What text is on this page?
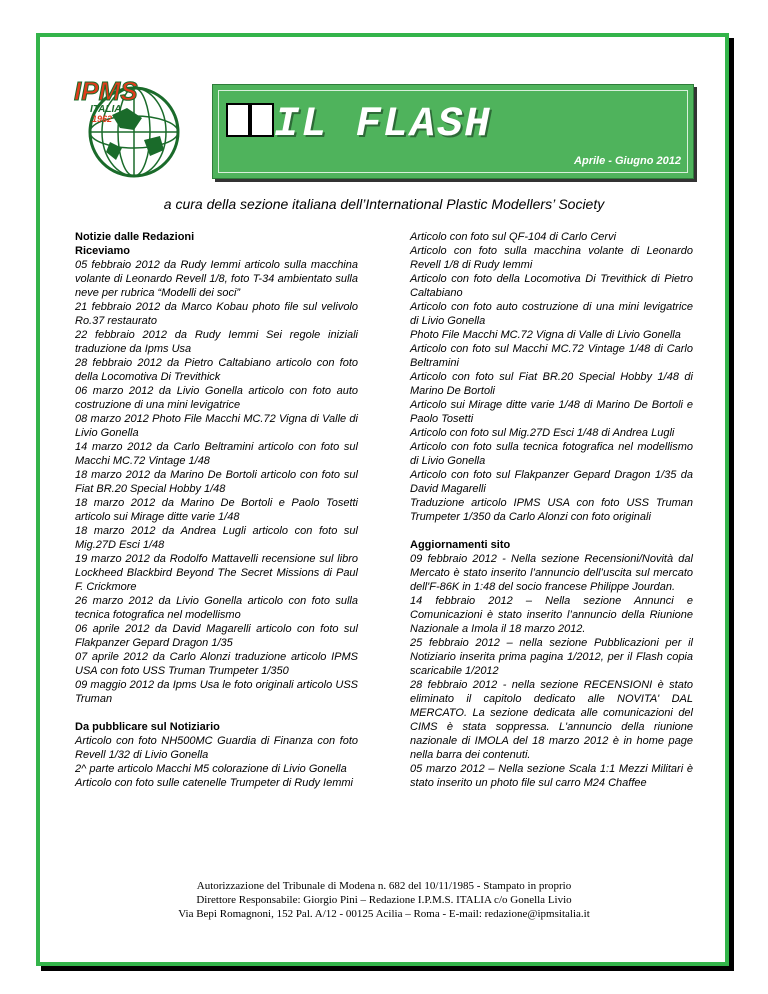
IPMS
ITALIA
1962	IL FLASH
Aprile - Giugno 2012
a cura della sezione italiana dell’International Plastic Modellers’ Society

Notizie dalle Redazioni

Riceviamo

05 febbraio 2012 da Rudy Iemmi articolo sulla macchina volante di Leonardo Revell 1/8, foto T-34 ambientato sulla neve per rubrica “Modelli dei soci”

21 febbraio 2012 da Marco Kobau photo file sul velivolo Ro.37 restaurato

22 febbraio 2012 da Rudy Iemmi Sei regole iniziali traduzione da Ipms Usa

28 febbraio 2012 da Pietro Caltabiano articolo con foto della Locomotiva Di Trevithick

06 marzo 2012 da Livio Gonella articolo con foto auto costruzione di una mini levigatrice

08 marzo 2012 Photo File Macchi MC.72 Vigna di Valle di Livio Gonella

14 marzo 2012 da Carlo Beltramini articolo con foto sul Macchi MC.72 Vintage 1/48

18 marzo 2012 da Marino De Bortoli articolo con foto sul Fiat BR.20 Special Hobby 1/48

18 marzo 2012 da Marino De Bortoli e Paolo Tosetti articolo sui Mirage ditte varie 1/48

18 marzo 2012 da Andrea Lugli articolo con foto sul Mig.27D Esci 1/48

19 marzo 2012 da Rodolfo Mattavelli recensione sul libro Lockheed Blackbird Beyond The Secret Missions di Paul F. Crickmore

26 marzo 2012 da Livio Gonella articolo con foto sulla tecnica fotografica nel modellismo

06 aprile 2012 da David Magarelli articolo con foto sul Flakpanzer Gepard Dragon 1/35

07 aprile 2012 da Carlo Alonzi traduzione articolo IPMS USA con foto USS Truman Trumpeter 1/350

09 maggio 2012 da Ipms Usa le foto originali articolo USS Truman

Da pubblicare sul Notiziario

Articolo con foto NH500MC Guardia di Finanza con foto Revell 1/32 di Livio Gonella

2^ parte articolo Macchi M5 colorazione di Livio Gonella

Articolo con foto sulle catenelle Trumpeter di Rudy Iemmi

Articolo con foto sul QF-104 di Carlo Cervi

Articolo con foto sulla macchina volante di Leonardo Revell 1/8 di Rudy Iemmi

Articolo con foto della Locomotiva Di Trevithick di Pietro Caltabiano

Articolo con foto auto costruzione di una mini levigatrice di Livio Gonella

Photo File Macchi MC.72 Vigna di Valle di Livio Gonella

Articolo con foto sul Macchi MC.72 Vintage 1/48 di Carlo Beltramini

Articolo con foto sul Fiat BR.20 Special Hobby 1/48 di Marino De Bortoli

Articolo sui Mirage ditte varie 1/48 di Marino De Bortoli e Paolo Tosetti

Articolo con foto sul Mig.27D Esci 1/48 di Andrea Lugli

Articolo con foto sulla tecnica fotografica nel modellismo di Livio Gonella

Articolo con foto sul Flakpanzer Gepard Dragon 1/35 da David Magarelli

Traduzione articolo IPMS USA con foto USS Truman Trumpeter 1/350 da Carlo Alonzi con foto originali

Aggiornamenti sito

09 febbraio 2012 - Nella sezione Recensioni/Novità dal Mercato è stato inserito l’annuncio dell’uscita sul mercato dell'F-86K in 1:48 del socio francese Philippe Jourdan.

14 febbraio 2012 – Nella sezione Annunci e Comunicazioni è stato inserito l’annuncio della Riunione Nazionale a Imola il 18 marzo 2012.

25 febbraio 2012 – nella sezione Pubblicazioni per il Notiziario inserita prima pagina 1/2012, per il Flash copia scaricabile 1/2012

28 febbraio 2012 - nella sezione RECENSIONI è stato eliminato il capitolo dedicato alle NOVITA' DAL MERCATO. La sezione dedicata alle comunicazioni del CIMS è stata soppressa. L'annuncio della riunione nazionale di IMOLA del 18 marzo 2012 è in home page nella barra dei contenuti.

05 marzo 2012 – Nella sezione Scala 1:1 Mezzi Militari è stato inserito un photo file sul carro M24 Chaffee

Autorizzazione del Tribunale di Modena n. 682 del 10/11/1985 - Stampato in proprio
Direttore Responsabile: Giorgio Pini – Redazione I.P.M.S. ITALIA c/o Gonella Livio
Via Bepi Romagnoni, 152 Pal. A/12 - 00125 Acilia – Roma - E-mail: redazione@ipmsitalia.it
